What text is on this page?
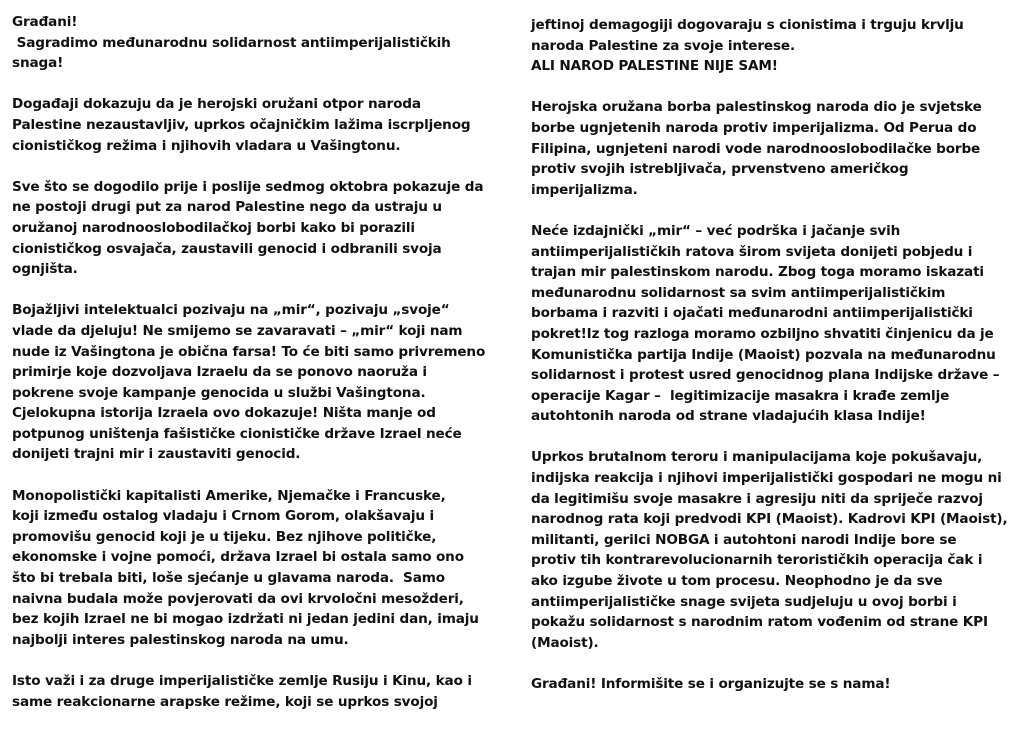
Građani!
Sagradimo međunarodnu solidarnost antiimperijalističkih
snaga!
Događaji dokazuju da je herojski oružani otpor naroda
Palestine nezaustavljiv, uprkos očajničkim lažima iscrpljenog
cionističkog režima i njihovih vladara u Vašingtonu.
Sve što se dogodilo prije i poslije sedmog oktobra pokazuje da
ne postoji drugi put za narod Palestine nego da ustraju u
oružanoj narodnooslobodilačkoj borbi kako bi porazili
cionističkog osvajača, zaustavili genocid i odbranili svoja
ognjišta.
Bojažljivi intelektualci pozivaju na „mir“, pozivaju „svoje“
vlade da djeluju! Ne smijemo se zavaravati – „mir“ koji nam
nude iz Vašingtona je obična farsa! To će biti samo privremeno
primirje koje dozvoljava Izraelu da se ponovo naoruža i
pokrene svoje kampanje genocida u službi Vašingtona.
Cjelokupna istorija Izraela ovo dokazuje! Ništa manje od
potpunog uništenja fašističke cionističke države Izrael neće
donijeti trajni mir i zaustaviti genocid.
Monopolistički kapitalisti Amerike, Njemačke i Francuske,
koji između ostalog vladaju i Crnom Gorom, olakšavaju i
promovišu genocid koji je u tijeku. Bez njihove političke,
ekonomske i vojne pomoći, država Izrael bi ostala samo ono
što bi trebala biti, loše sjećanje u glavama naroda.  Samo
naivna budala može povjerovati da ovi krvoločni mesožderi,
bez kojih Izrael ne bi mogao izdržati ni jedan jedini dan, imaju
najbolji interes palestinskog naroda na umu.
Isto važi i za druge imperijalističke zemlje Rusiju i Kinu, kao i
same reakcionarne arapske režime, koji se uprkos svojoj
jeftinoj demagogiji dogovaraju s cionistima i trguju krvlju
naroda Palestine za svoje interese.
ALI NAROD PALESTINE NIJE SAM!
Herojska oružana borba palestinskog naroda dio je svjetske
borbe ugnjetenih naroda protiv imperijalizma. Od Perua do
Filipina, ugnjeteni narodi vode narodnooslobodilačke borbe
protiv svojih istrebljivača, prvenstveno američkog
imperijalizma.
Neće izdajnički „mir“ – već podrška i jačanje svih
antiimperijalističkih ratova širom svijeta donijeti pobjedu i
trajan mir palestinskom narodu. Zbog toga moramo iskazati
međunarodnu solidarnost sa svim antiimperijalističkim
borbama i razviti i ojačati međunarodni antiimperijalistički
pokret!Iz tog razloga moramo ozbiljno shvatiti činjenicu da je
Komunistička partija Indije (Maoist) pozvala na međunarodnu
solidarnost i protest usred genocidnog plana Indijske države –
operacije Kagar –  legitimizacije masakra i krađe zemlje
autohtonih naroda od strane vladajućih klasa Indije!
Uprkos brutalnom teroru i manipulacijama koje pokušavaju,
indijska reakcija i njihovi imperijalistički gospodari ne mogu ni
da legitimišu svoje masakre i agresiju niti da spriječe razvoj
narodnog rata koji predvodi KPI (Maoist). Kadrovi KPI (Maoist),
militanti, gerilci NOBGA i autohtoni narodi Indije bore se
protiv tih kontrarevolucionarnih terorističkih operacija čak i
ako izgube živote u tom procesu. Neophodno je da sve
antiimperijalističke snage svijeta sudjeluju u ovoj borbi i
pokažu solidarnost s narodnim ratom vođenim od strane KPI
(Maoist).
Građani! Informišite se i organizujte se s nama!
